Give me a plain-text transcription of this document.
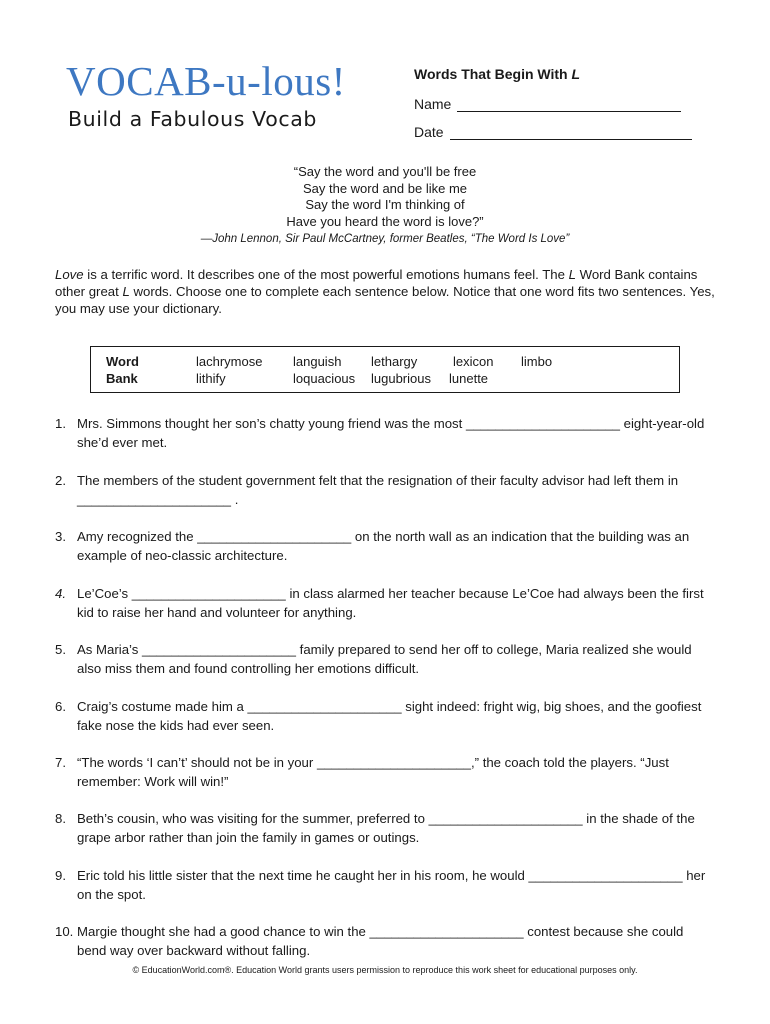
VOCAB-u-lous!
Build a Fabulous Vocab
Words That Begin With L
Name
Date
“Say the word and you'll be free
Say the word and be like me
Say the word I'm thinking of
Have you heard the word is love?”
—John Lennon, Sir Paul McCartney, former Beatles, “The Word Is Love”
Love is a terrific word. It describes one of the most powerful emotions humans feel. The L Word Bank contains other great L words. Choose one to complete each sentence below. Notice that one word fits two sentences. Yes, you may use your dictionary.
Word
Bank
lachrymose
lithify
languish
loquacious
lethargy
lugubrious
lexicon
lunette
limbo
1. Mrs. Simmons thought her son’s chatty young friend was the most _____________________ eight-year-old she’d ever met.
2. The members of the student government felt that the resignation of their faculty advisor had left them in _____________________ .
3. Amy recognized the _____________________ on the north wall as an indication that the building was an example of neo-classic architecture.
4. Le’Coe’s _____________________ in class alarmed her teacher because Le’Coe had always been the first kid to raise her hand and volunteer for anything.
5. As Maria’s _____________________ family prepared to send her off to college, Maria realized she would also miss them and found controlling her emotions difficult.
6. Craig’s costume made him a _____________________ sight indeed: fright wig, big shoes, and the goofiest fake nose the kids had ever seen.
7. “The words ‘I can’t’ should not be in your _____________________,” the coach told the players. “Just remember: Work will win!”
8. Beth’s cousin, who was visiting for the summer, preferred to _____________________ in the shade of the grape arbor rather than join the family in games or outings.
9. Eric told his little sister that the next time he caught her in his room, he would _____________________ her on the spot.
10. Margie thought she had a good chance to win the _____________________ contest because she could bend way over backward without falling.
© EducationWorld.com®. Education World grants users permission to reproduce this work sheet for educational purposes only.
